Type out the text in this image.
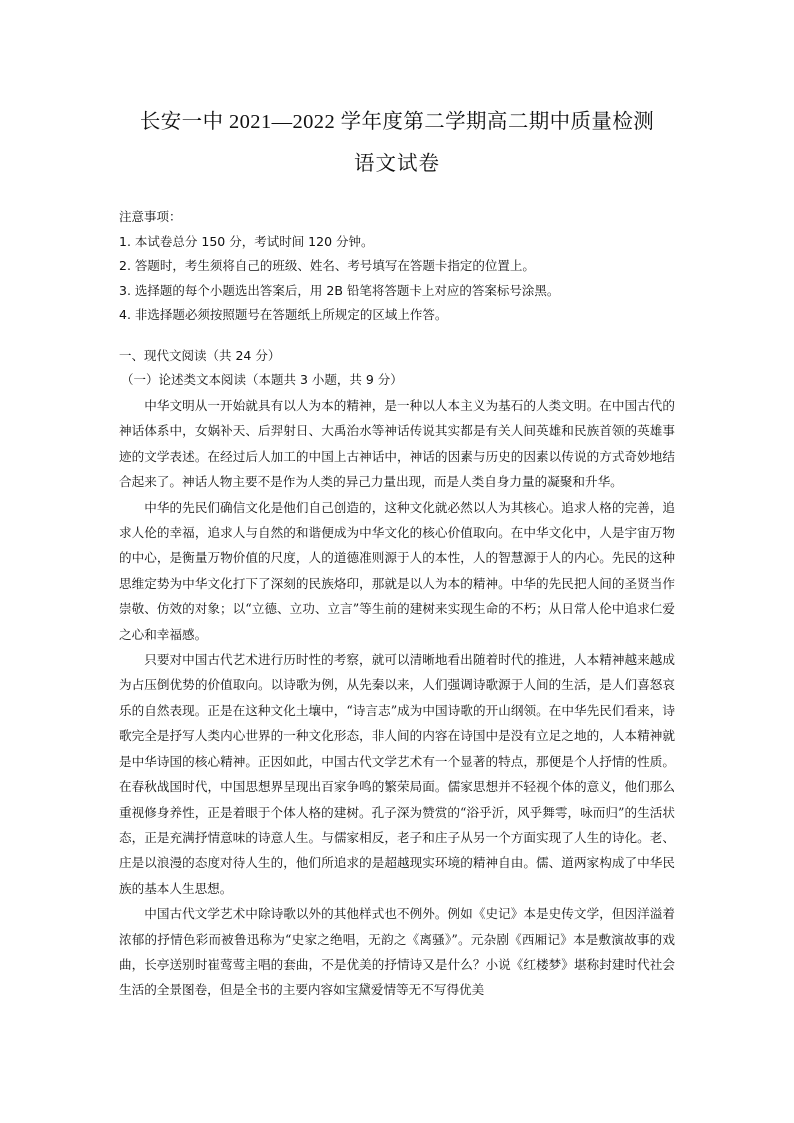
长安一中 2021—2022 学年度第二学期高二期中质量检测
语文试卷
注意事项：
1. 本试卷总分 150 分，考试时间 120 分钟。
2. 答题时，考生须将自己的班级、姓名、考号填写在答题卡指定的位置上。
3. 选择题的每个小题选出答案后，用 2B 铅笔将答题卡上对应的答案标号涂黑。
4. 非选择题必须按照题号在答题纸上所规定的区域上作答。
一、现代文阅读（共 24 分）
（一）论述类文本阅读（本题共 3 小题，共 9 分）

中华文明从一开始就具有以人为本的精神，是一种以人本主义为基石的人类文明。在中国古代的神话体系中，女娲补天、后羿射日、大禹治水等神话传说其实都是有关人间英雄和民族首领的英雄事迹的文学表述。在经过后人加工的中国上古神话中，神话的因素与历史的因素以传说的方式奇妙地结合起来了。神话人物主要不是作为人类的异己力量出现，而是人类自身力量的凝聚和升华。

中华的先民们确信文化是他们自己创造的，这种文化就必然以人为其核心。追求人格的完善，追求人伦的幸福，追求人与自然的和谐便成为中华文化的核心价值取向。在中华文化中，人是宇宙万物的中心，是衡量万物价值的尺度，人的道德准则源于人的本性，人的智慧源于人的内心。先民的这种思维定势为中华文化打下了深刻的民族烙印，那就是以人为本的精神。中华的先民把人间的圣贤当作崇敬、仿效的对象；以“立德、立功、立言”等生前的建树来实现生命的不朽；从日常人伦中追求仁爱之心和幸福感。

只要对中国古代艺术进行历时性的考察，就可以清晰地看出随着时代的推进，人本精神越来越成为占压倒优势的价值取向。以诗歌为例，从先秦以来，人们强调诗歌源于人间的生活，是人们喜怒哀乐的自然表现。正是在这种文化土壤中，“诗言志”成为中国诗歌的开山纲领。在中华先民们看来，诗歌完全是抒写人类内心世界的一种文化形态，非人间的内容在诗国中是没有立足之地的，人本精神就是中华诗国的核心精神。正因如此，中国古代文学艺术有一个显著的特点，那便是个人抒情的性质。在春秋战国时代，中国思想界呈现出百家争鸣的繁荣局面。儒家思想并不轻视个体的意义，他们那么重视修身养性，正是着眼于个体人格的建树。孔子深为赞赏的“浴乎沂，风乎舞雩，咏而归”的生活状态，正是充满抒情意味的诗意人生。与儒家相反，老子和庄子从另一个方面实现了人生的诗化。老、庄是以浪漫的态度对待人生的，他们所追求的是超越现实环境的精神自由。儒、道两家构成了中华民族的基本人生思想。

中国古代文学艺术中除诗歌以外的其他样式也不例外。例如《史记》本是史传文学，但因洋溢着浓郁的抒情色彩而被鲁迅称为“史家之绝唱，无韵之《离骚》”。元杂剧《西厢记》本是敷演故事的戏曲，长亭送别时崔莺莺主唱的套曲，不是优美的抒情诗又是什么？小说《红楼梦》堪称封建时代社会生活的全景图卷，但是全书的主要内容如宝黛爱情等无不写得优美
